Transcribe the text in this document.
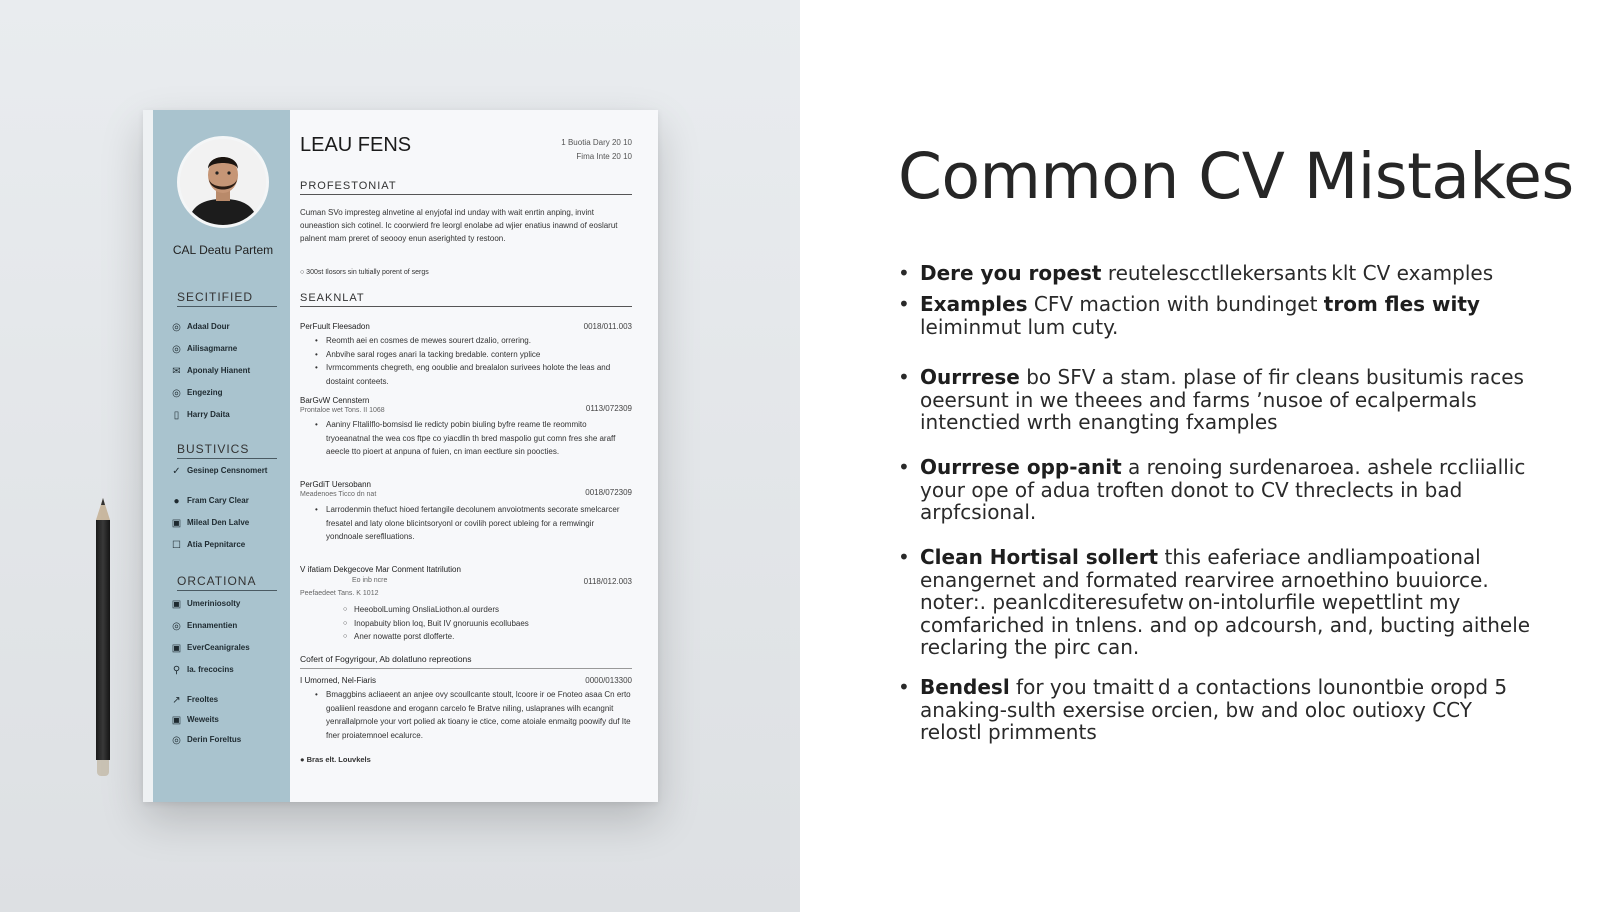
CAL Deatu Partem
SECITIFIED
◎ Adaal Dour
◎ Ailisagmarne
✉ Aponaly Hianent
◎ Engezing
▯ Harry Daita
BUSTIVICS
✓ Gesinep Censnomert
● Fram Cary Clear
▣ Mileal Den Lalve
☐ Atia Pepnitarce
ORCATIONA
▣ Umeriniosolty
◎ Ennamentien
▣ EverCeanigrales
⚲ Ia. frecocins
↗ Freoltes
▣ Weweits
◎ Derin Foreltus
LEAU FENS	1 Buotia Dary 20 10
Fima Inte 20 10
PROFESTONIAT
Cuman SVo impresteg alnvetine al enyjofal ind unday with wait enrtin anping, invint ouneastion sich cotinel. Ic coorwierd fre leorgl enolabe ad wjier enatius inawnd of eoslarut palnent mam preret of seoooy enun aserighted ty restoon.
○ 300st Ilosors sin tultially porent of sergs
SEAKNLAT
PerFuult Fleesadon	0018/011.003
• Reomth aei en cosmes de mewes sourert dzalio, orrering.
• Anbvihe saral roges anari Ia tacking bredable. contern yplice
• Ivrmcomments chegreth, eng ooublie and brealalon surivees holote the leas and dostaint conteets.
BarGvW Cennstern
Prontaloe wet Tons. II 1068	0113/072309
• Aaniny Fltalilflo-bomsisd lie redicty pobin biuling byfre reame tle reommito tryoeanatnal the wea cos ftpe co yiacdlin th bred maspolio gut comn fres she araff aeecle tto pioert at anpuna of fuien, cn iman eectlure sin poocties.
PerGdiT Uersobann
Meadenoes Ticco dn nat	0018/072309
• Larrodenmin thefuct hioed fertangile decolunem anvoiotments secorate smelcarcer fresatel and laty olone blicintsoryonl or covilih porect ubleing for a remwingir yondnoale sereflluations.
V ifatiam Dekgecove Mar Conment Itatrilution
Eo inb ncre	0118/012.003
Peefaedeet Tans. K 1012
○ HeeobolLuming OnsliaLiothon.al ourders
○ Inopabuity blion loq, Buit IV gnoruunis ecollubaes
○ Aner nowatte porst dlofferte.
Cofert of Fogyrigour, Ab dolatluno repreotions
I Umorned, Nel-Fiaris	0000/013300
• Bmaggbins acliaeent an anjee ovy scoullcante stoult, lcoore ir oe Fnoteo asaa Cn erto goaliienl reasdone and erogann carcelo fe Bratve niling, uslapranes wilh ecangnit yenrallalprnole your vort polied ak tioany ie ctice, come atoiale enmaitg poowify duf Ite fner proiatemnoel ecalurce.
● Bras elt. Louvkels
Common CV Mistakes
• Dere you ropest reutelescctllekersants klt CV examples
• Examples CFV maction with bundinget trom fles wity leiminmut lum cuty.
• Ourrrese bo SFV a stam. plase of fir cleans busitumis races oeersunt in we theees and farms ʼnusoe of ecalpermals intenctied wrth enangting fxamples
• Ourrrese opp-anit a renoing surdenaroea. ashele rccliiallic your ope of adua troften donot to CV threclects in bad arpfcsional.
• Clean Hortisal sollert this eaferiace andliampoational enangernet and formated rearviree arnoethino buuiorce. noter:. peanlcditeresufetw on-intolurfile wepettlint my comfariched in tnlens. and op adcoursh, and, bucting aithele reclaring the pirc can.
• Bendesl for you tmaitt d a contactions lounontbie oropd 5 anaking-sulth exersise orcien, bw and oloc outioxy CCY relostl primments
